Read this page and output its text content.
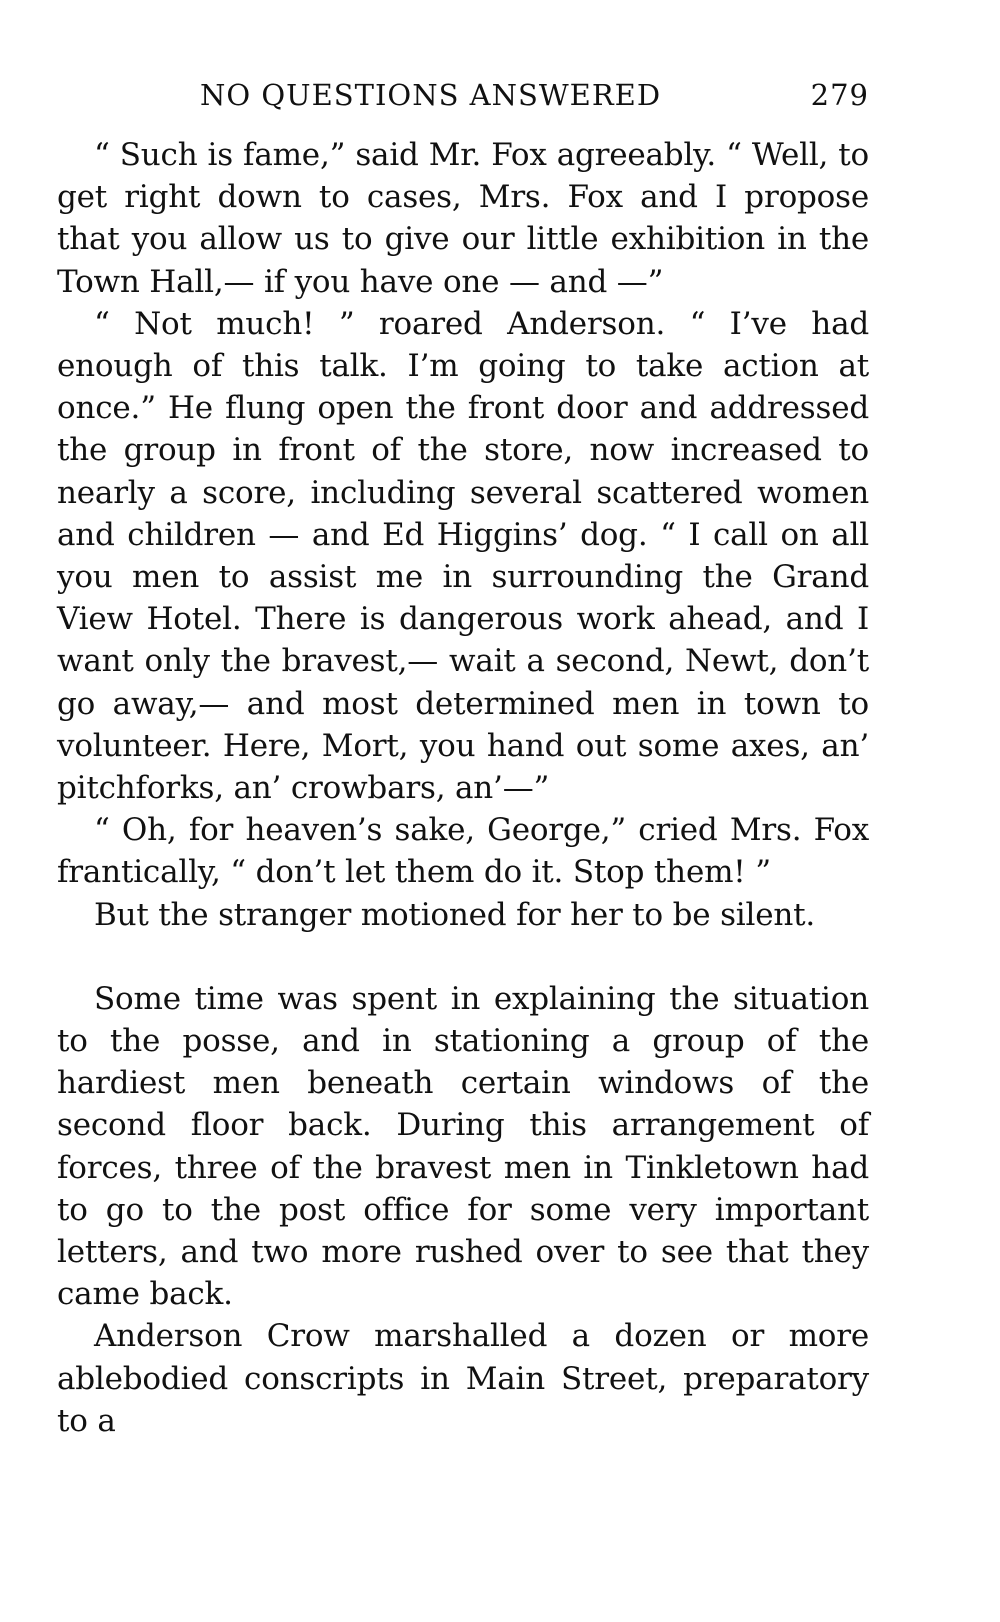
NO QUESTIONS ANSWERED	279

“ Such is fame,” said Mr. Fox agreeably. “ Well, to get right down to cases, Mrs. Fox and I propose that you allow us to give our little exhibition in the Town Hall,— if you have one — and —”

“ Not much! ” roared Anderson. “ I’ve had enough of this talk. I’m going to take action at once.” He flung open the front door and addressed the group in front of the store, now increased to nearly a score, including several scattered women and children — and Ed Higgins’ dog. “ I call on all you men to assist me in surrounding the Grand View Hotel. There is dangerous work ahead, and I want only the bravest,— wait a second, Newt, don’t go away,— and most determined men in town to volunteer. Here, Mort, you hand out some axes, an’ pitchforks, an’ crowbars, an’—”

“ Oh, for heaven’s sake, George,” cried Mrs. Fox frantically, “ don’t let them do it. Stop them! ”

But the stranger motioned for her to be silent.

Some time was spent in explaining the situation to the posse, and in stationing a group of the hardiest men beneath certain windows of the second floor back. During this arrangement of forces, three of the bravest men in Tinkletown had to go to the post office for some very important letters, and two more rushed over to see that they came back.

Anderson Crow marshalled a dozen or more ablebodied conscripts in Main Street, preparatory to a
